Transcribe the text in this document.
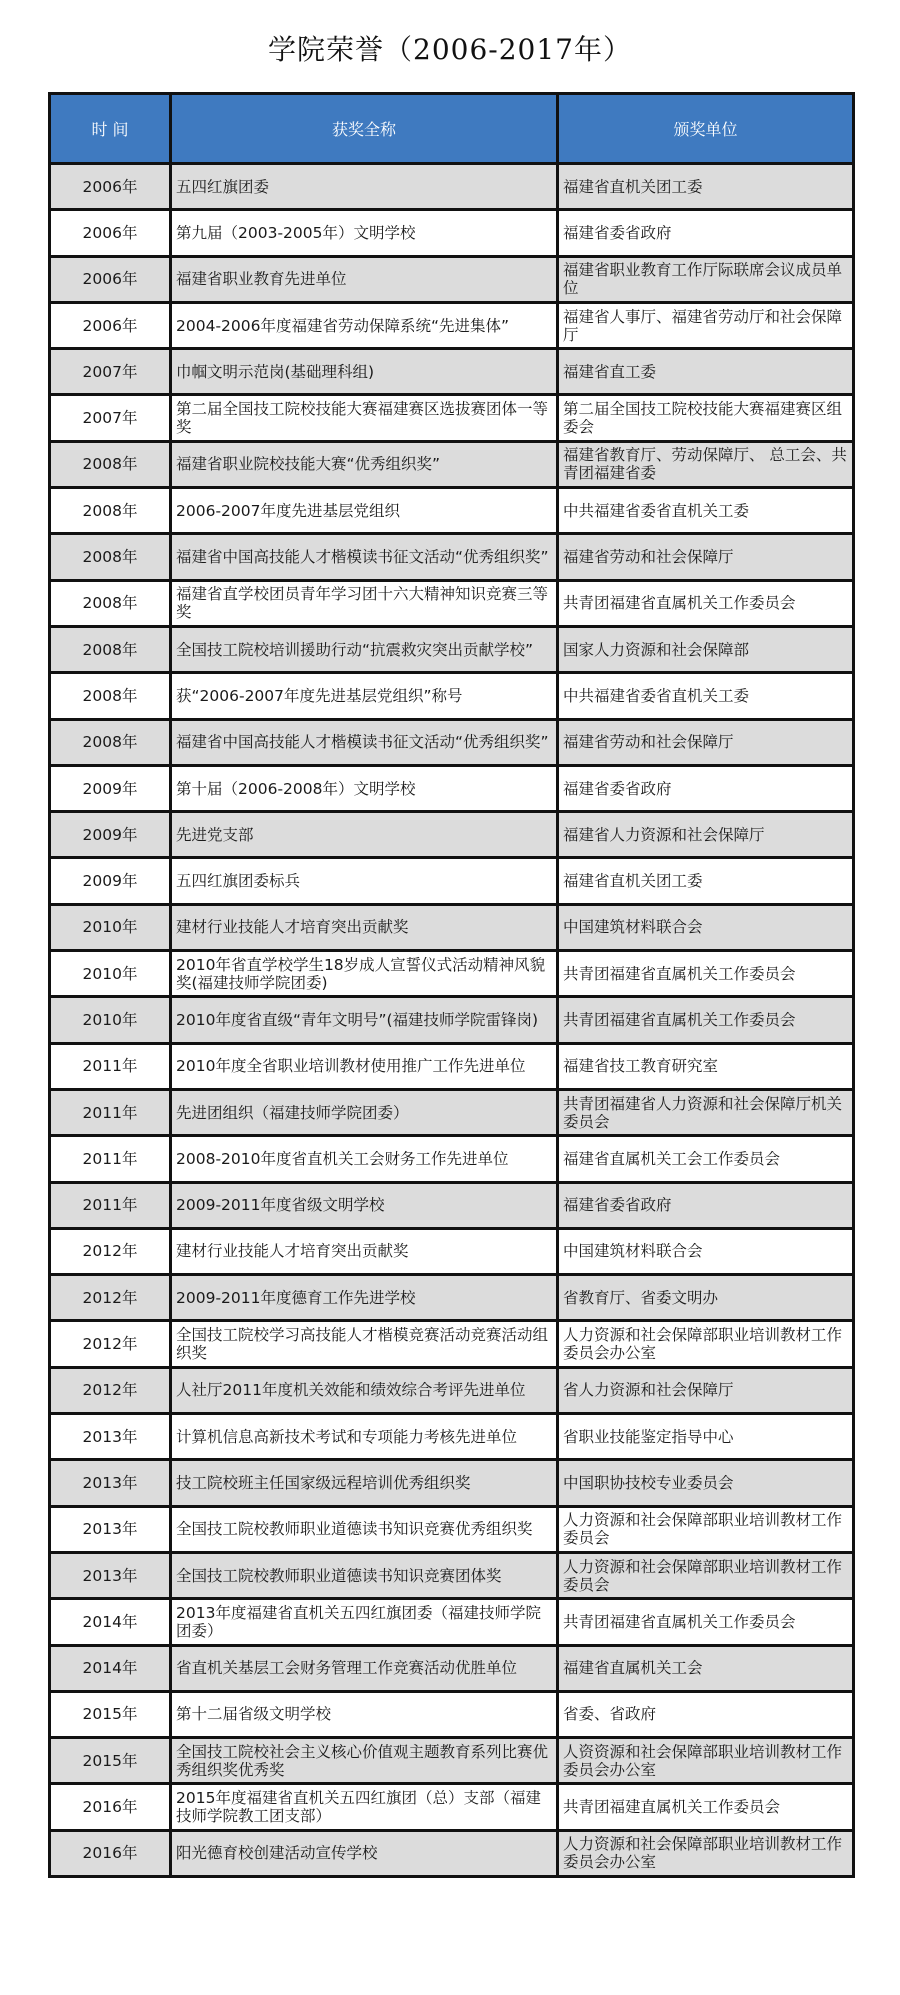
学院荣誉（2006-2017年）
时 间	获奖全称	颁奖单位
2006年	五四红旗团委	福建省直机关团工委
2006年	第九届（2003-2005年）文明学校	福建省委省政府
2006年	福建省职业教育先进单位	福建省职业教育工作厅际联席会议成员单位
2006年	2004-2006年度福建省劳动保障系统“先进集体”	福建省人事厅、福建省劳动厅和社会保障厅
2007年	巾帼文明示范岗(基础理科组)	福建省直工委
2007年	第二届全国技工院校技能大赛福建赛区选拔赛团体一等奖	第二届全国技工院校技能大赛福建赛区组委会
2008年	福建省职业院校技能大赛“优秀组织奖”	福建省教育厅、劳动保障厅、 总工会、共青团福建省委
2008年	2006-2007年度先进基层党组织	中共福建省委省直机关工委
2008年	福建省中国高技能人才楷模读书征文活动“优秀组织奖”	福建省劳动和社会保障厅
2008年	福建省直学校团员青年学习团十六大精神知识竞赛三等奖	共青团福建省直属机关工作委员会
2008年	全国技工院校培训援助行动“抗震救灾突出贡献学校”	国家人力资源和社会保障部
2008年	获“2006-2007年度先进基层党组织”称号	中共福建省委省直机关工委
2008年	福建省中国高技能人才楷模读书征文活动“优秀组织奖”	福建省劳动和社会保障厅
2009年	第十届（2006-2008年）文明学校	福建省委省政府
2009年	先进党支部	福建省人力资源和社会保障厅
2009年	五四红旗团委标兵	福建省直机关团工委
2010年	建材行业技能人才培育突出贡献奖	中国建筑材料联合会
2010年	2010年省直学校学生18岁成人宣誓仪式活动精神风貌奖(福建技师学院团委)	共青团福建省直属机关工作委员会
2010年	2010年度省直级“青年文明号”(福建技师学院雷锋岗)	共青团福建省直属机关工作委员会
2011年	2010年度全省职业培训教材使用推广工作先进单位	福建省技工教育研究室
2011年	先进团组织（福建技师学院团委）	共青团福建省人力资源和社会保障厅机关委员会
2011年	2008-2010年度省直机关工会财务工作先进单位	福建省直属机关工会工作委员会
2011年	2009-2011年度省级文明学校	福建省委省政府
2012年	建材行业技能人才培育突出贡献奖	中国建筑材料联合会
2012年	2009-2011年度德育工作先进学校	省教育厅、省委文明办
2012年	全国技工院校学习高技能人才楷模竞赛活动竞赛活动组织奖	人力资源和社会保障部职业培训教材工作委员会办公室
2012年	人社厅2011年度机关效能和绩效综合考评先进单位	省人力资源和社会保障厅
2013年	计算机信息高新技术考试和专项能力考核先进单位	省职业技能鉴定指导中心
2013年	技工院校班主任国家级远程培训优秀组织奖	中国职协技校专业委员会
2013年	全国技工院校教师职业道德读书知识竞赛优秀组织奖	人力资源和社会保障部职业培训教材工作委员会
2013年	全国技工院校教师职业道德读书知识竞赛团体奖	人力资源和社会保障部职业培训教材工作委员会
2014年	2013年度福建省直机关五四红旗团委（福建技师学院团委）	共青团福建省直属机关工作委员会
2014年	省直机关基层工会财务管理工作竞赛活动优胜单位	福建省直属机关工会
2015年	第十二届省级文明学校	省委、省政府
2015年	全国技工院校社会主义核心价值观主题教育系列比赛优秀组织奖优秀奖	人资资源和社会保障部职业培训教材工作委员会办公室
2016年	2015年度福建省直机关五四红旗团（总）支部（福建技师学院教工团支部）	共青团福建直属机关工作委员会
2016年	阳光德育校创建活动宣传学校	人力资源和社会保障部职业培训教材工作委员会办公室
